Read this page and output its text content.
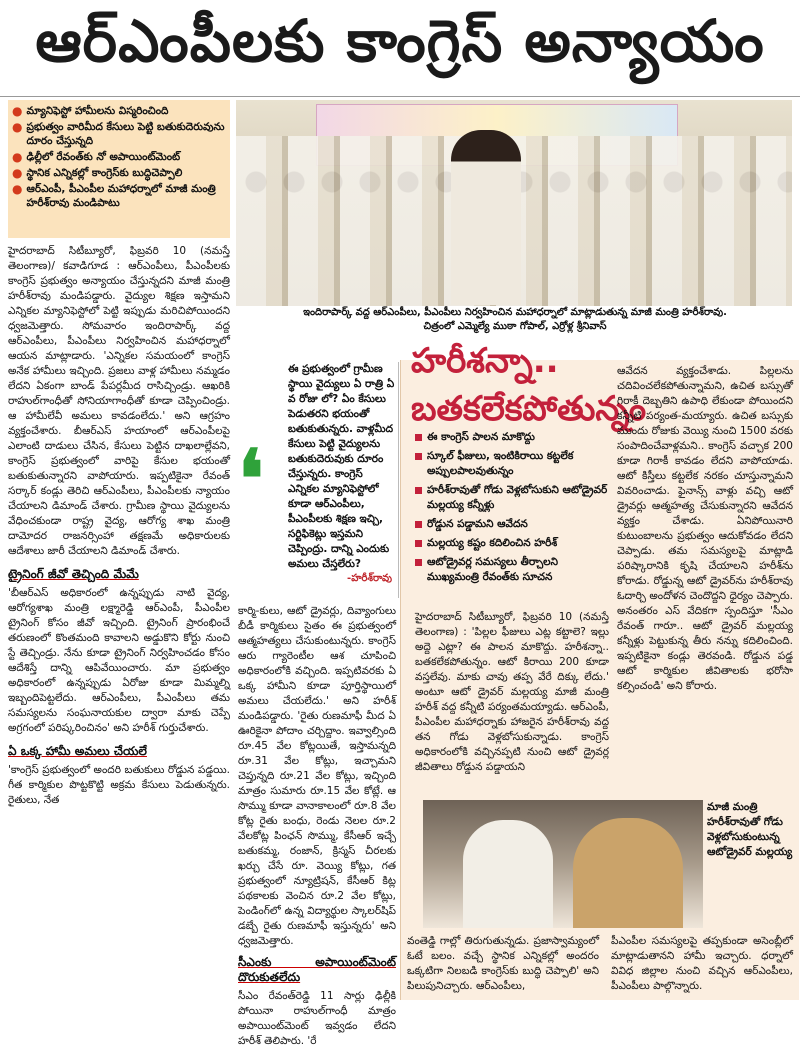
ఆర్‌ఎంపీలకు కాంగ్రెస్ అన్యాయం
● మ్యానిఫెస్టో హామీలను విస్మరించింది
● ప్రభుత్వం వారిమీద కేసులు పెట్టి బతుకుదెరువును దూరం చేస్తున్నది
● ఢిల్లీలో రేవంత్‌కు నో అపాయింట్‌మెంట్
● స్థానిక ఎన్నికల్లో కాంగ్రెస్‌కు బుద్ధిచెప్పాలి
● ఆర్‌ఎంపీ, పీఎంపీల మహాధర్నాలో మాజీ మంత్రి హరీశ్‌రావు మండిపాటు

హైదరాబాద్ సిటీబ్యూరో, ఫిబ్రవరి 10 (నమస్తే తెలంగాణ)/ కవాడిగూడ : ఆర్‌ఎంపీలు, పీఎంపీలకు కాంగ్రెస్ ప్రభుత్వం అన్యాయం చేస్తున్నదని మాజీ మంత్రి హరీశ్‌రావు మండిపడ్డారు. వైద్యుల శిక్షణ ఇస్తామని ఎన్నికల మ్యానిఫెస్టోలో పెట్టి ఇప్పుడు మరిచిపోయిందని ధ్వజమెత్తారు. సోమవారం ఇందిరాపార్క్ వద్ద ఆర్‌ఎంపీలు, పీఎంపీలు నిర్వహించిన మహాధర్నాలో ఆయన మాట్లాడారు. 'ఎన్నికల సమయంలో కాంగ్రెస్ అనేక హామీలు ఇచ్చింది. ప్రజలు వాళ్ల హామీలు నమ్మడం లేదని ఏకంగా బాండ్ పేపర్లమీద రాసిచ్చిండ్రు. ఆఖరికి రాహుల్‌గాంధీతో సోనియాగాంధీతో కూడా చెప్పించిండ్రు. ఆ హామీలేవీ అమలు కావడంలేదు.' అని ఆగ్రహం వ్యక్తంచేశారు. బీఆర్‌ఎస్ హయాంలో ఆర్‌ఎంపీలపై ఎలాంటి దాడులు చేసిన, కేసులు పెట్టిన దాఖలాల్లేవని, కాంగ్రెస్ ప్రభుత్వంలో వారిపై కేసుల భయంతో బతుకుతున్నారని వాపోయారు. ఇప్పటికైనా రేవంత్ సర్కార్ కండ్లు తెరిచి ఆర్‌ఎంపీలు, పీఎంపీలకు న్యాయం చేయాలని డిమాండ్ చేశారు. గ్రామీణ స్థాయి వైద్యులను వేధించకుండా రాష్ట్ర వైద్య, ఆరోగ్య శాఖ మంత్రి దామోదర రాజనర్సింహా తక్షణమే అధికారులకు ఆదేశాలు జారీ చేయాలని డిమాండ్ చేశారు.

ట్రైనింగ్ జీవో తెచ్చింది మేమే

'బీఆర్‌ఎస్ అధికారంలో ఉన్నప్పుడు నాటి వైద్య, ఆరోగ్యశాఖ మంత్రి లక్ష్మారెడ్డి ఆర్‌ఎంపీ, పీఎంపీల ట్రైనింగ్ కోసం జీవో ఇచ్చింది. ట్రైనింగ్ ప్రారంభించే తరుణంలో కొంతమంది కావాలని అడ్డుకొని కోర్టు నుంచి స్టే తెచ్చిండ్రు. నేను కూడా ట్రైనింగ్ నిర్వహించడం కోసం ఆదేశిస్తే దాన్ని ఆపివేయించారు. మా ప్రభుత్వం అధికారంలో ఉన్నప్పుడు ఏరోజు కూడా మిమ్మల్ని ఇబ్బందిపెట్టలేదు. ఆర్‌ఎంపీలు, పీఎంపీలు తమ సమస్యలను సంఘనాయకుల ద్వారా మాకు చెప్పే అగ్రగంలో పరిష్కరించినం' అని హరీశ్ గుర్తుచేశారు.

ఏ ఒక్క హామీ అమలు చేయలే

'కాంగ్రెస్ ప్రభుత్వంలో అందరి బతుకులు రోడ్డున పడ్డయి. గీత కార్మికుల పొట్టకొట్టి అక్రమ కేసులు పెడుతున్నరు. రైతులు, నేత

ఇందిరాపార్క్ వద్ద ఆర్‌ఎంపీలు, పీఎంపీలు నిర్వహించిన మహాధర్నాలో మాట్లాడుతున్న మాజీ మంత్రి హరీశ్‌రావు. చిత్రంలో ఎమ్మెల్యే ముఠా గోపాల్, ఎర్రోళ్ల శ్రీనివాస్
❛
ఈ ప్రభుత్వంలో గ్రామీణ స్థాయి వైద్యులు ఏ రాత్రి ఏ వ రోజు లో? ఏం కేసులు పెడుతరని భయంతో బతుకుతున్నరు. వాళ్లమీద కేసులు పెట్టి వైద్యులను బతుకుదెరువుకు దూరం చేస్తున్నరు. కాంగ్రెస్ ఎన్నికల మ్యానిఫెస్టోలో కూడా ఆర్‌ఎంపీలు, పీఎంపీలకు శిక్షణ ఇచ్చి, సర్టిఫికెట్లు ఇస్తమని చెప్పింద్రు. దాన్ని ఎందుకు అమలు చేస్తలేరు?
-హరీశ్‌రావు

కార్మి-కులు, ఆటో డ్రైవర్లు, దివ్యాంగులు బీడీ కార్మికులు సైతం ఈ ప్రభుత్వంలో ఆత్మహత్యలు చేసుకుంటున్నరు. కాంగ్రెస్ ఆరు గ్యారెంటీల ఆశ చూపించి అధికారంలోకి వచ్చింది. ఇప్పటివరకు ఏ ఒక్క హామీని కూడా పూర్తిస్థాయిలో అమలు చేయలేదు.' అని హరీశ్ మండిపడ్డారు. 'రైతు రుణమాఫీ మీద ఏ ఊరికైనా పోదాం చర్చిద్దాం. ఇవ్వాల్సింది రూ.45 వేల కోట్లయితే, ఇస్తామన్నది రూ.31 వేల కోట్లు, ఇచ్చామని చెప్తున్నది రూ.21 వేల కోట్లు, ఇచ్చింది మాత్రం సుమారు రూ.15 వేల కోట్లే. ఆ సొమ్ము కూడా వానాకాలంలో రూ.8 వేల కోట్ల రైతు బంధు, రెండు నెలల రూ.2 వేలకోట్ల పింఛన్ సొమ్ము, కేసీఆర్ ఇచ్చే బతుకమ్మ, రంజాన్, క్రిస్మస్ చీరలకు ఖర్చు చేసే రూ. వెయ్యి కోట్లు, గత ప్రభుత్వంలో న్యూట్రిషన్, కేసీఆర్ కిట్ల పథకాలకు వెంచిన రూ.2 వేల కోట్లు, పెండింగ్‌లో ఉన్న విద్యార్థుల స్కాలర్‌షిప్ డబ్బే రైతు రుణమాఫీ ఇస్తున్నరు' అని ధ్వజమెత్తారు.

సీఎంకు అపాయింట్‌మెంట్ దొరుకుతలేదు

సీఎం రేవంత్‌రెడ్డి 11 సార్లు ఢిల్లీకి పోయినా రాహుల్‌గాంధీ మాత్రం అపాయింట్‌మెంట్ ఇవ్వడం లేదని హరీశ్ తెలిపారు. 'రే

హరీశన్నా.. బతకలేకపోతున్నం
ఈ కాంగ్రెస్ పాలన మాకొద్దు
స్కూల్ ఫీజులు, ఇంటికిరాయి కట్టలేక అప్పులపాలవుతున్నం
హరీశ్‌రావుతో గోడు వెళ్లబోసుకుని ఆటోడ్రైవర్ మల్లయ్య కన్నీళ్లు
రోడ్డున పడ్డామని ఆవేదన
మల్లయ్య కష్టం కదిలించిన హరీశ్
ఆటోడ్రైవర్ల సమస్యలు తీర్చాలని ముఖ్యమంత్రి రేవంత్‌కు సూచన

హైదరాబాద్ సిటీబ్యూరో, ఫిబ్రవరి 10 (నమస్తే తెలంగాణ) : 'పిల్లల ఫీజులు ఎట్ల కట్టాలె? ఇల్లు అద్దె ఎట్లా? ఈ పాలన మాకొద్దు. హరీశన్నా.. బతకలేకపోతున్నం. ఆటో కిరాయి 200 కూడా వస్తలేవు. మాకు చావు తప్ప వేరే దిక్కు లేదు.' అంటూ ఆటో డ్రైవర్ మల్లయ్య మాజీ మంత్రి హరీశ్ వద్ద కన్నీటి పర్యంతమయ్యాడు. ఆర్‌ఎంపీ, పీఎంపీల మహాధర్నాకు హాజరైన హరీశ్‌రావు వద్ద తన గోడు వెళ్లబోసుకున్నాడు. కాంగ్రెస్ అధికారంలోకి వచ్చినప్పటి నుంచి ఆటో డ్రైవర్ల జీవితాలు రోడ్డున పడ్డాయని

ఆవేదన వ్యక్తంచేశాడు. పిల్లలను చదివించలేకపోతున్నామని, ఉచిత బస్సుతో గిరాకీ దెబ్బతిని ఉపాధి లేకుండా పోయిందని కన్నీటి పర్యంత-మయ్యారు. ఉచిత బస్సుకు ముందు రోజుకు వెయ్యి నుంచి 1500 వరకు సంపాదించేవాళ్లమని.. కాంగ్రెస్ వచ్చాక 200 కూడా గిరాకీ కావడం లేదని వాపోయాడు. ఆటో కిస్తీలు కట్టలేక నరకం చూస్తున్నామని వివరించాడు. ఫైనాన్స్ వాళ్లు వచ్చి ఆటో డ్రైవర్లు ఆత్మహత్య చేసుకున్నారని ఆవేదన వ్యక్తం చేశాడు. ఏనిపోయినారి కుటుంబాలను ప్రభుత్వం ఆదుకోవడం లేదని చెప్పాడు. తమ సమస్యలపై మాట్లాడి పరిష్కారానికి కృషి చేయాలని హరీశ్‌ను కోరాడు. రోడ్డున్న ఆటో డ్రైవర్‌ను హరీశ్‌రావు ఓదార్చి అందోళన చెందొద్దని ధైర్యం చెప్పారు. అనంతరం ఎస్ వేదికగా స్పందిస్తూ 'సీఎం రేవంత్ గారూ.. ఆటో డ్రైవర్ మల్లయ్య కన్నీళ్లు పెట్టుకున్న తీరు నన్ను కదిలించింది. ఇప్పటికైనా కండ్లు తెరవండి. రోడ్డున పడ్డ ఆటో కార్మికుల జీవితాలకు భరోసా కల్పించండి' అని కోరారు.

మాజీ మంత్రి హరీశ్‌రావుతో గోడు వెళ్లబోసుకుంటున్న ఆటోడ్రైవర్ మల్లయ్య

వంతెడ్డి గాల్లో తిరుగుతున్నడు. ప్రజాస్వామ్యంలో ఓటే బలం. వచ్చే స్థానిక ఎన్నికల్లో అందరం ఒక్కటిగా నిలబడి కాంగ్రెస్‌కు బుద్ధి చెప్పాలి' అని పిలుపునిచ్చారు. ఆర్‌ఎంపీలు,

పీఎంపీల సమస్యలపై తప్పకుండా అసెంబ్లీలో మాట్లాడుతానని హామీ ఇచ్చారు. ధర్నాలో వివిధ జిల్లాల నుంచి వచ్చిన ఆర్‌ఎంపీలు, పీఎంపీలు పాల్గొన్నారు.
